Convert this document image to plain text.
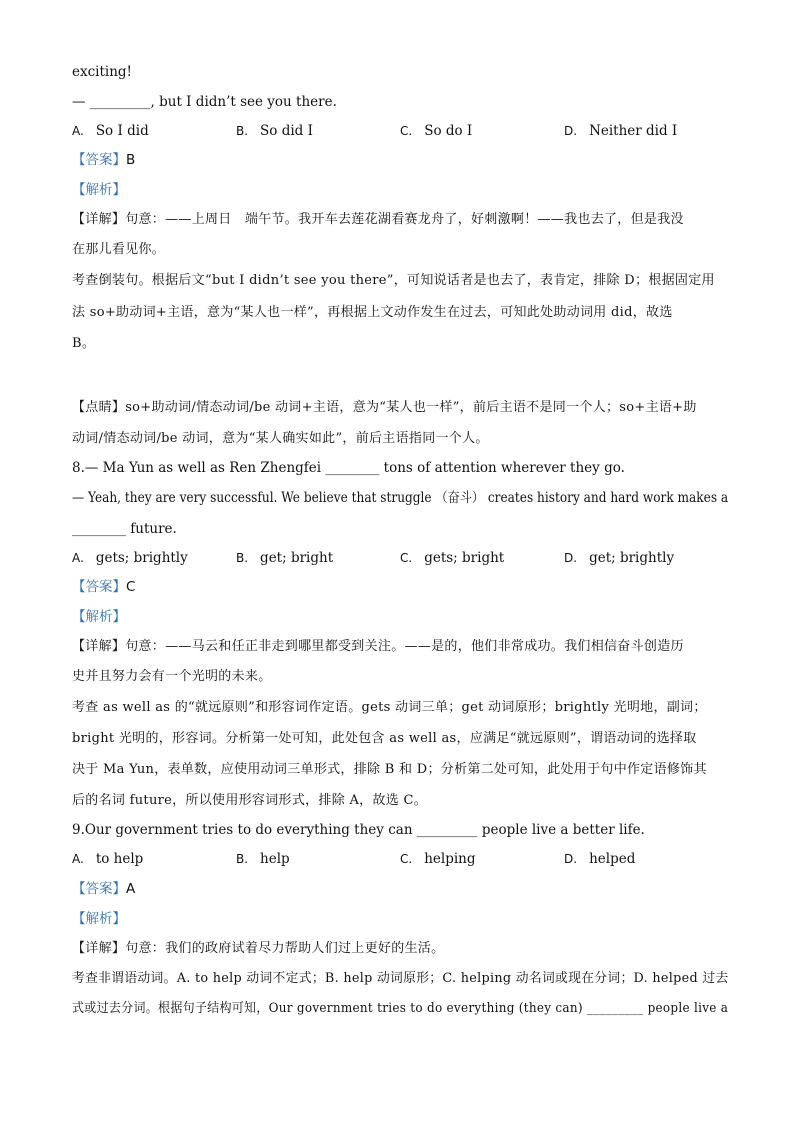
exciting!
— _________, but I didn’t see you there.
A. So I did	B. So did I	C. So do I	D. Neither did I
【答案】B
【解析】
【详解】句意：——上周日　端午节。我开车去莲花湖看赛龙舟了，好刺激啊！——我也去了，但是我没
在那儿看见你。
考查倒装句。根据后文“but I didn’t see you there”，可知说话者是也去了，表肯定，排除 D；根据固定用
法 so+助动词+主语，意为“某人也一样”，再根据上文动作发生在过去，可知此处助动词用 did，故选
B。
【点睛】so+助动词/情态动词/be 动词+主语，意为“某人也一样”，前后主语不是同一个人；so+主语+助
动词/情态动词/be 动词，意为“某人确实如此”，前后主语指同一个人。
8.— Ma Yun as well as Ren Zhengfei ________ tons of attention wherever they go.
— Yeah, they are very successful. We believe that struggle （奋斗） creates history and hard work makes a
________ future.
A. gets; brightly	B. get; bright	C. gets; bright	D. get; brightly
【答案】C
【解析】
【详解】句意：——马云和任正非走到哪里都受到关注。——是的，他们非常成功。我们相信奋斗创造历
史并且努力会有一个光明的未来。
考查 as well as 的“就远原则”和形容词作定语。gets 动词三单；get 动词原形；brightly 光明地，副词；
bright 光明的，形容词。分析第一处可知，此处包含 as well as，应满足“就远原则”，谓语动词的选择取
决于 Ma Yun，表单数，应使用动词三单形式，排除 B 和 D；分析第二处可知，此处用于句中作定语修饰其
后的名词 future，所以使用形容词形式，排除 A，故选 C。
9.Our government tries to do everything they can _________ people live a better life.
A. to help	B. help	C. helping	D. helped
【答案】A
【解析】
【详解】句意：我们的政府试着尽力帮助人们过上更好的生活。
考查非谓语动词。A. to help 动词不定式；B. help 动词原形；C. helping 动名词或现在分词；D. helped 过去
式或过去分词。根据句子结构可知，Our government tries to do everything (they can) _________ people live a
